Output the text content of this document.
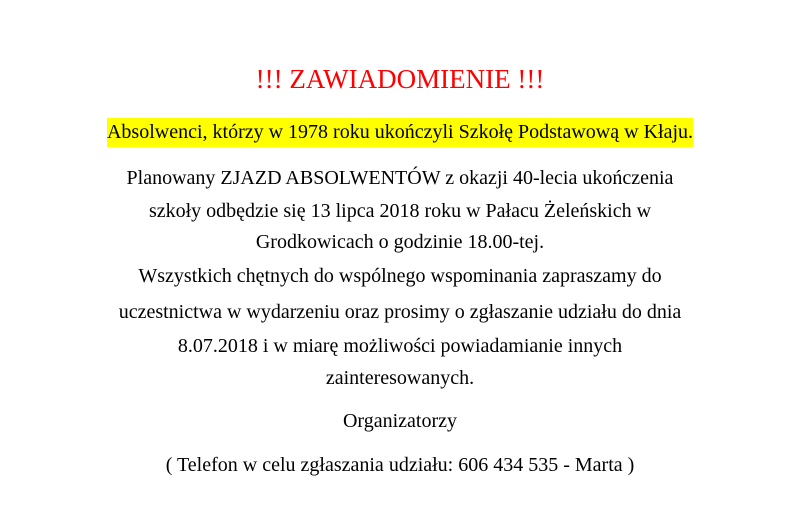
!!! ZAWIADOMIENIE !!!
Absolwenci, którzy w 1978 roku ukończyli Szkołę Podstawową w Kłaju.
Planowany ZJAZD ABSOLWENTÓW z okazji 40-lecia ukończenia
szkoły odbędzie się 13 lipca 2018 roku w Pałacu Żeleńskich w
Grodkowicach o godzinie 18.00-tej.
Wszystkich chętnych do wspólnego wspominania zapraszamy do
uczestnictwa w wydarzeniu oraz prosimy o zgłaszanie udziału do dnia
8.07.2018 i w miarę możliwości powiadamianie innych
zainteresowanych.
Organizatorzy
( Telefon w celu zgłaszania udziału: 606 434 535 - Marta )
